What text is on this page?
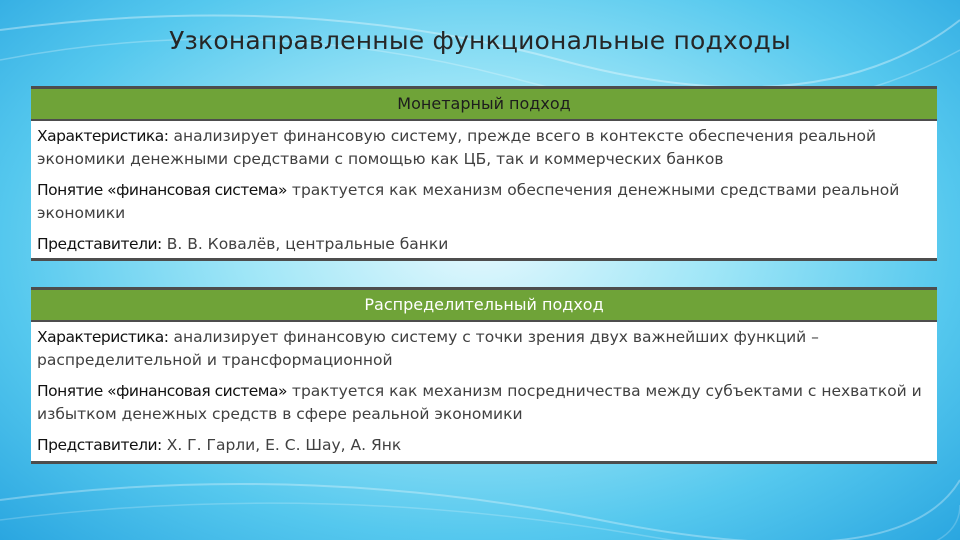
Узконаправленные функциональные подходы
Монетарный подход

Характеристика: анализирует финансовую систему, прежде всего в контексте обеспечения реальной экономики денежными средствами с помощью как ЦБ, так и коммерческих банков

Понятие «финансовая система» трактуется как механизм обеспечения денежными средствами реальной экономики

Представители: В. В. Ковалёв, центральные банки

Распределительный подход

Характеристика: анализирует финансовую систему с точки зрения двух важнейших функций – распределительной и трансформационной

Понятие «финансовая система» трактуется как механизм посредничества между субъектами с нехваткой и избытком денежных средств в сфере реальной экономики

Представители: Х. Г. Гарли, Е. С. Шау, А. Янк
